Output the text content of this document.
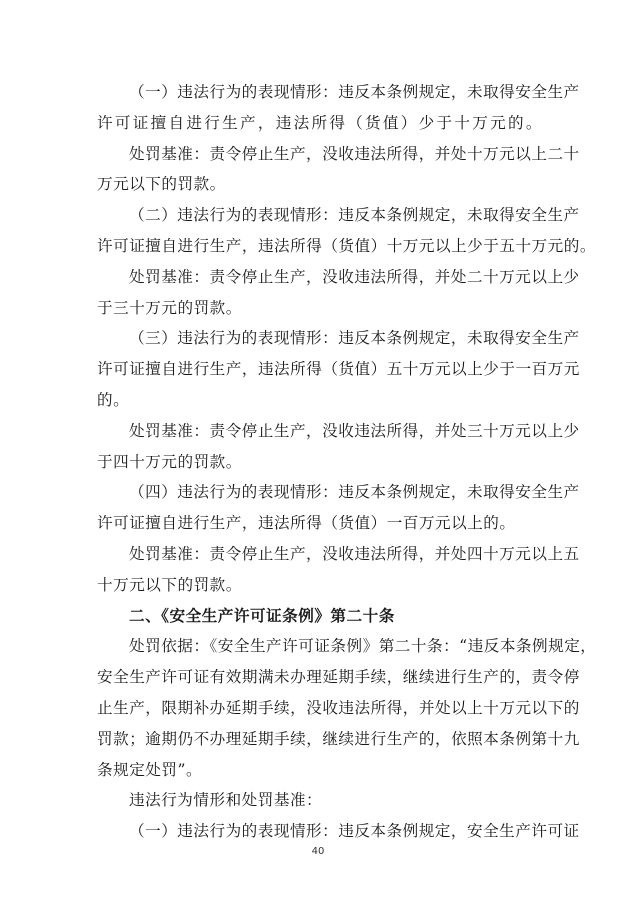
（一）违法行为的表现情形：违反本条例规定，未取得安全生产
许可证擅自进行生产，违法所得（货值）少于十万元的。
处罚基准：责令停止生产，没收违法所得，并处十万元以上二十
万元以下的罚款。
（二）违法行为的表现情形：违反本条例规定，未取得安全生产
许可证擅自进行生产，违法所得（货值）十万元以上少于五十万元的。
处罚基准：责令停止生产，没收违法所得，并处二十万元以上少
于三十万元的罚款。
（三）违法行为的表现情形：违反本条例规定，未取得安全生产
许可证擅自进行生产，违法所得（货值）五十万元以上少于一百万元
的。
处罚基准：责令停止生产，没收违法所得，并处三十万元以上少
于四十万元的罚款。
（四）违法行为的表现情形：违反本条例规定，未取得安全生产
许可证擅自进行生产，违法所得（货值）一百万元以上的。
处罚基准：责令停止生产，没收违法所得，并处四十万元以上五
十万元以下的罚款。
二、《安全生产许可证条例》第二十条
处罚依据：《安全生产许可证条例》第二十条：“违反本条例规定，
安全生产许可证有效期满未办理延期手续，继续进行生产的，责令停
止生产，限期补办延期手续，没收违法所得，并处以上十万元以下的
罚款；逾期仍不办理延期手续，继续进行生产的，依照本条例第十九
条规定处罚”。
违法行为情形和处罚基准：
（一）违法行为的表现情形：违反本条例规定，安全生产许可证
40
